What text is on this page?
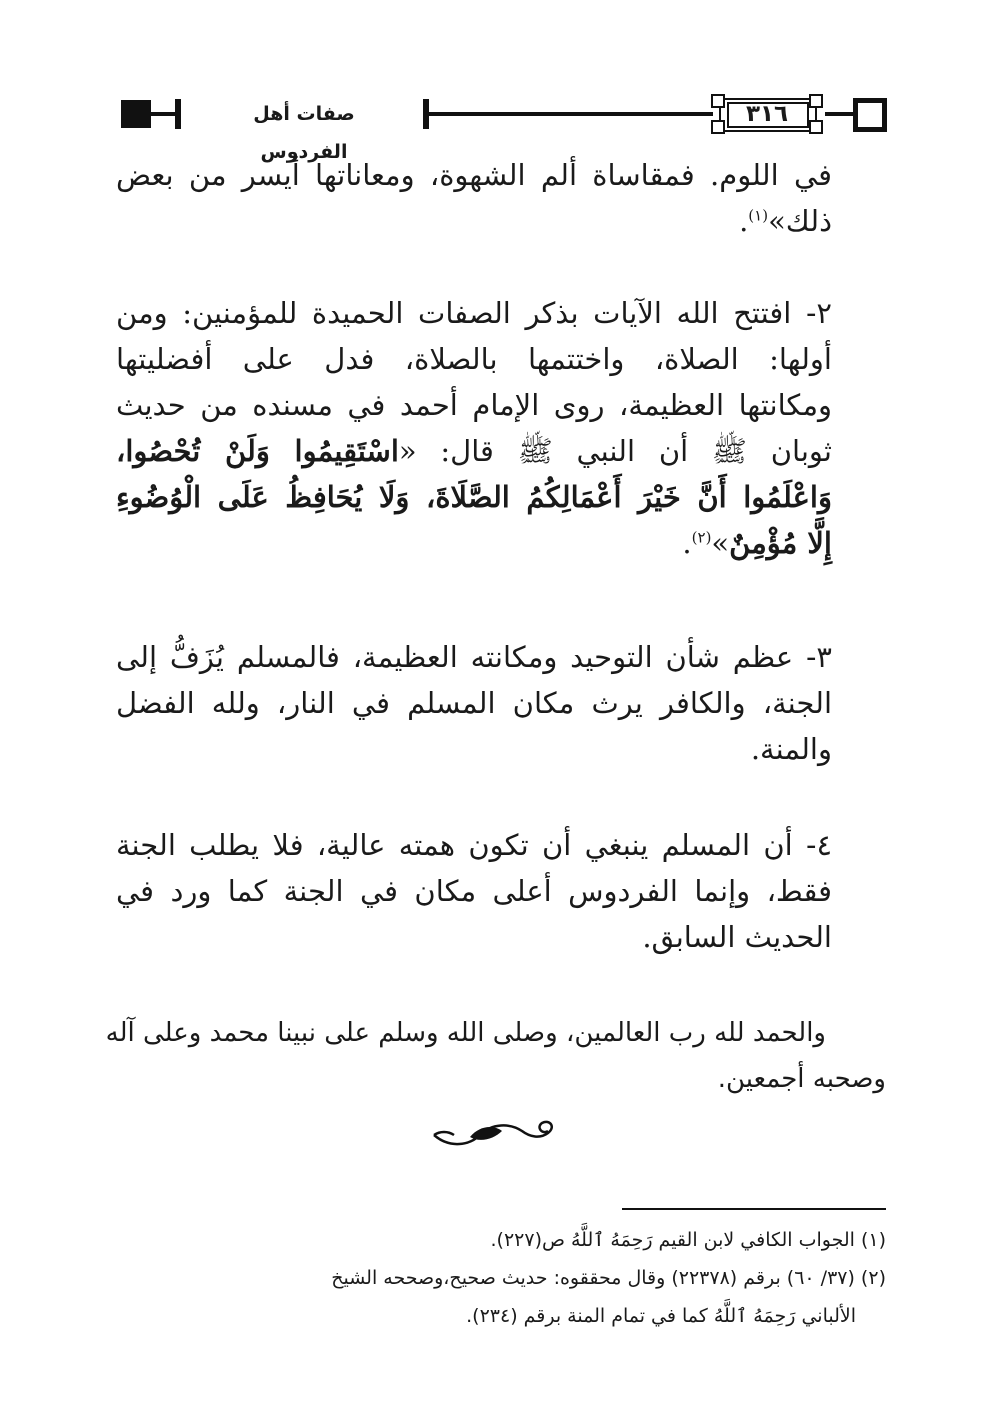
صفات أهل الفردوس
٣١٦
في اللوم. فمقاساة ألم الشهوة، ومعاناتها أيسر من بعض
ذلك»$^{(١)}$.
٢- افتتح الله الآيات بذكر الصفات الحميدة للمؤمنين: ومن
أولها: الصلاة، واختتمها بالصلاة، فدل على أفضليتها
ومكانتها العظيمة، روى الإمام أحمد في مسنده من حديث
ثوبان ﷺ أن النبي ﷺ قال: «اسْتَقِيمُوا وَلَنْ تُحْصُوا،
وَاعْلَمُوا أَنَّ خَيْرَ أَعْمَالِكُمُ الصَّلَاةَ، وَلَا يُحَافِظُ عَلَى الْوُضُوءِ
إِلَّا مُؤْمِنٌ»$^{(٢)}$.
٣- عظم شأن التوحيد ومكانته العظيمة، فالمسلم يُزَفُّ إلى
الجنة، والكافر يرث مكان المسلم في النار، ولله الفضل
والمنة.
٤- أن المسلم ينبغي أن تكون همته عالية، فلا يطلب الجنة
فقط، وإنما الفردوس أعلى مكان في الجنة كما ورد في
الحديث السابق.
والحمد لله رب العالمين، وصلى الله وسلم على نبينا محمد وعلى آله
وصحبه أجمعين.
(١) الجواب الكافي لابن القيم رَحِمَهُ ٱللَّهُ ص(٢٢٧).
(٢) (٣٧/ ٦٠) برقم (٢٢٣٧٨) وقال محققوه: حديث صحيح،وصححه الشيخ
الألباني رَحِمَهُ ٱللَّهُ كما في تمام المنة برقم (٢٣٤).
